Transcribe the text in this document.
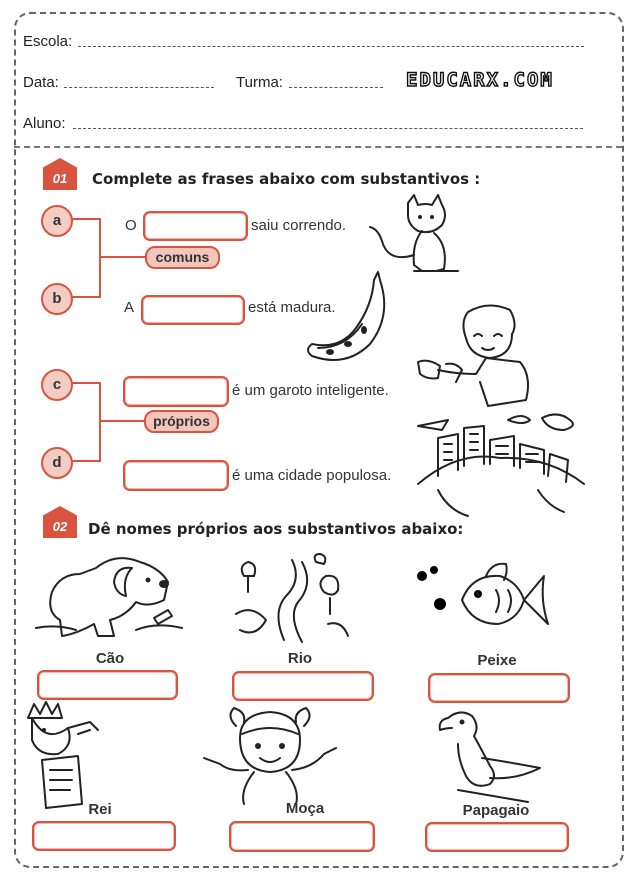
Escola:
Data:	Turma:	EDUCARX.COM
Aluno:
01	Complete as frases abaixo com substantivos :
a	O	saiu correndo.
comuns
b
A	está madura.
c	é um garoto inteligente.
próprios
d
é uma cidade populosa.
02	Dê nomes próprios aos substantivos abaixo:
Cão	Rio	Peixe
Rei	Moça	Papagaio
